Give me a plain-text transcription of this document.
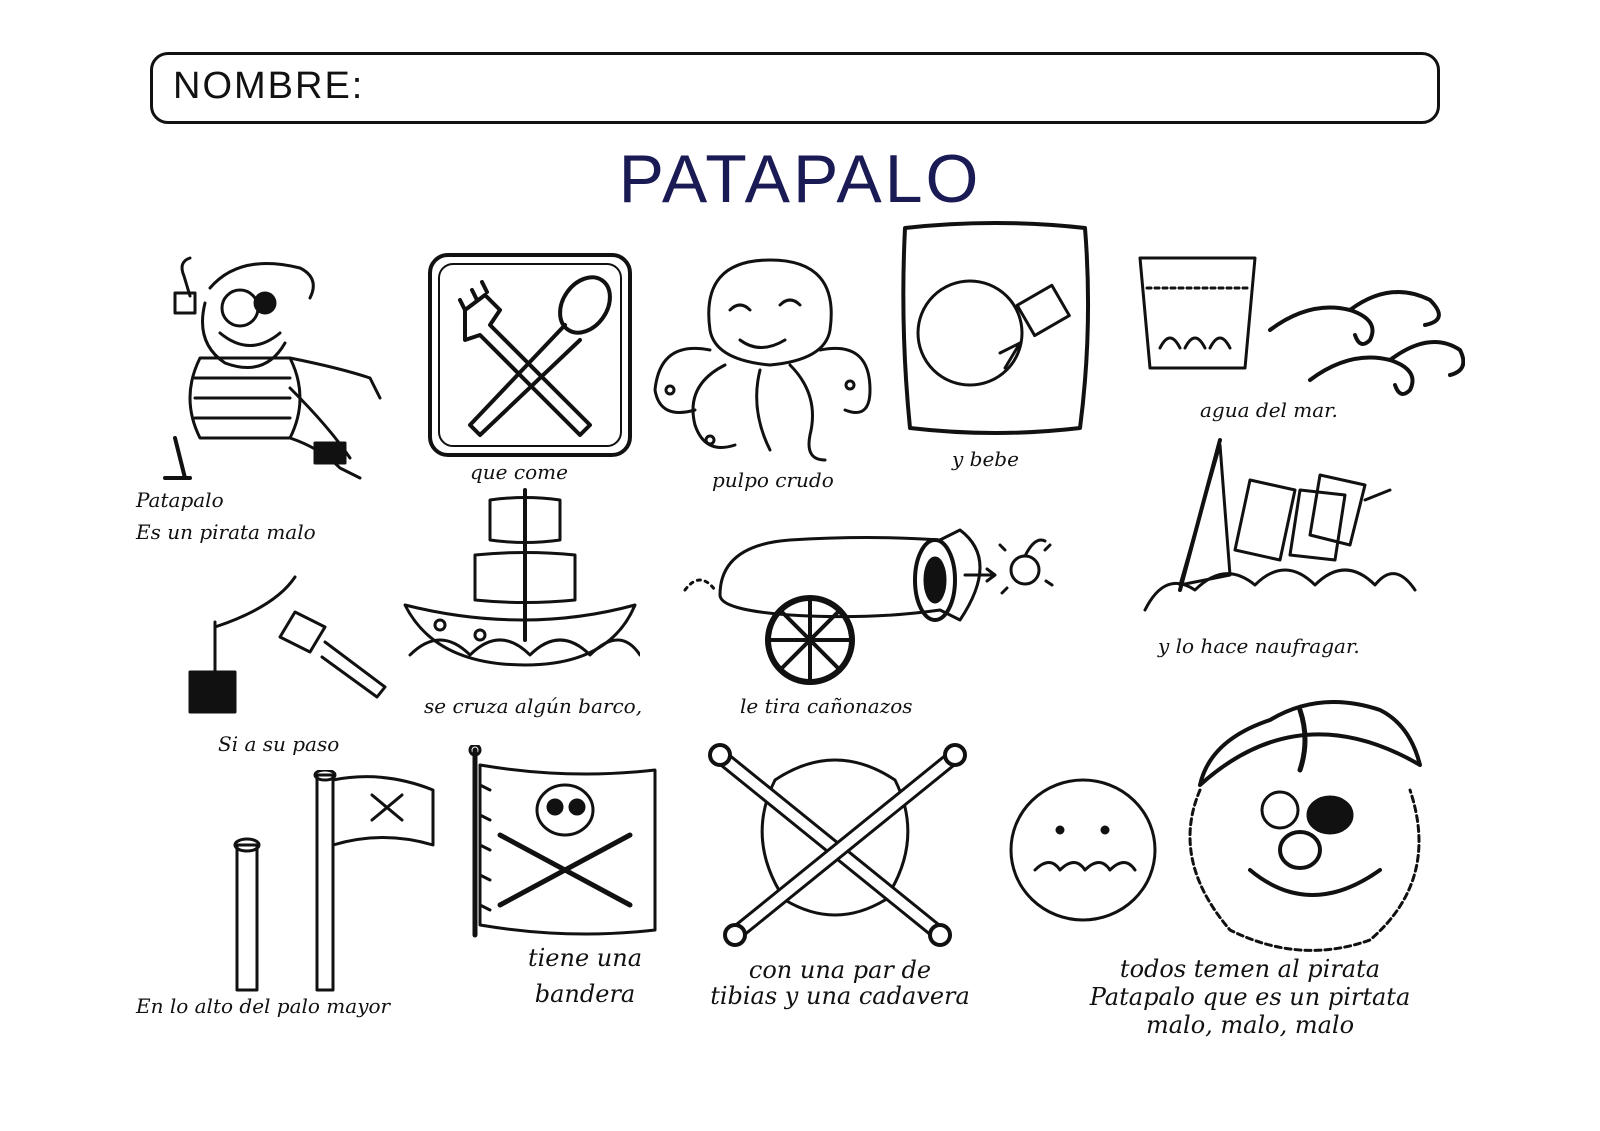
NOMBRE:
PATAPALO
Patapalo
Es un pirata malo
que come	pulpo crudo
y bebe
agua del mar.
Si a su paso
se cruza algún barco,	le tira cañonazos
y lo hace naufragar.
En lo alto del palo mayor
tiene una
bandera
con una par de
tibias y una cadavera
todos temen al pirata
Patapalo que es un pirtata
malo, malo, malo
